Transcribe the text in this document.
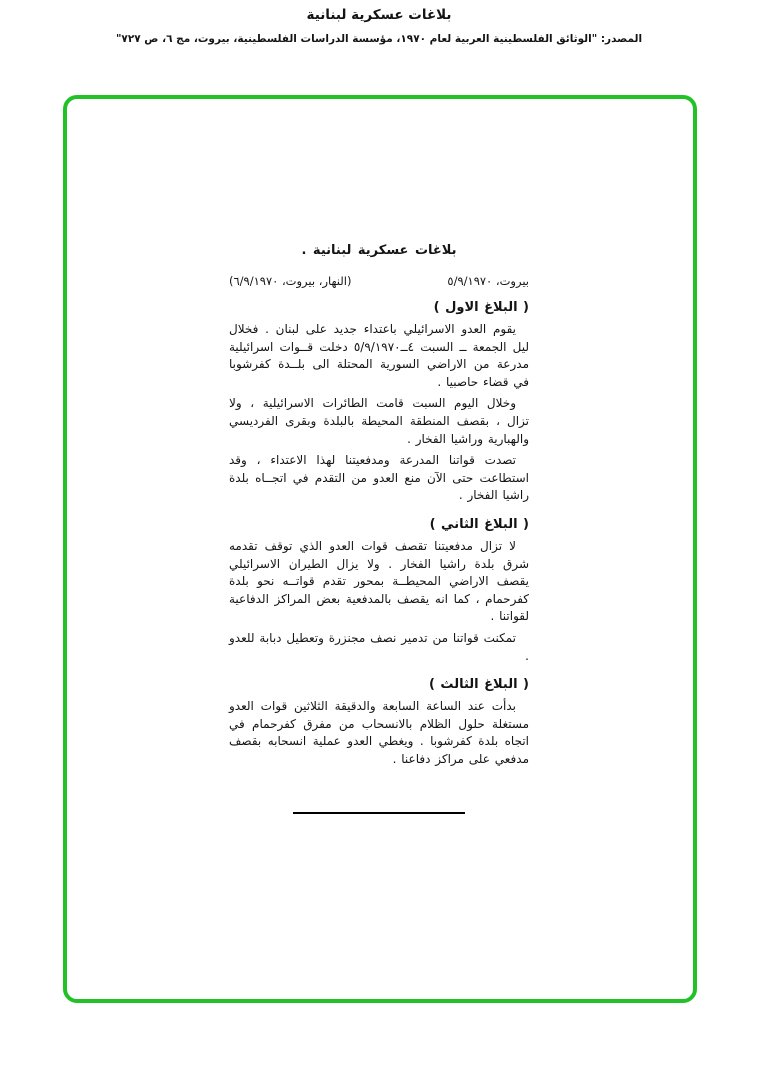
بلاغات عسكرية لبنانية
المصدر: "الوثائق الفلسطينية العربية لعام ١٩٧٠، مؤسسة الدراسات الفلسطينية، بيروت، مج ٦، ص ٧٢٧"
بلاغات عسكرية لبنانية .
بيروت، ٥/٩/١٩٧٠
(النهار، بيروت، ٦/٩/١٩٧٠)
( البلاغ الاول )

يقوم العدو الاسرائيلي باعتداء جديد على لبنان . فخلال ليل الجمعة ــ السبت ٤ــ٥/٩/١٩٧٠ دخلت قــوات اسرائيلية مدرعة من الاراضي السورية المحتلة الى بلــدة كفرشوبا في قضاء حاصبيا .

وخلال اليوم السبت قامت الطائرات الاسرائيلية ، ولا تزال ، بقصف المنطقة المحيطة بالبلدة وبقرى الفرديسي والهبارية وراشيا الفخار .

تصدت قواتنا المدرعة ومدفعيتنا لهذا الاعتداء ، وقد استطاعت حتى الآن منع العدو من التقدم في اتجــاه بلدة راشيا الفخار .

( البلاغ الثاني )

لا تزال مدفعيتنا تقصف قوات العدو الذي توقف تقدمه شرق بلدة راشيا الفخار . ولا يزال الطيران الاسرائيلي يقصف الاراضي المحيطــة بمحور تقدم قواتــه نحو بلدة كفرحمام ، كما انه يقصف بالمدفعية بعض المراكز الدفاعية لقواتنا .

تمكنت قواتنا من تدمير نصف مجنزرة وتعطيل دبابة للعدو .

( البلاغ الثالث )

بدأت عند الساعة السابعة والدقيقة الثلاثين قوات العدو مستغلة حلول الظلام بالانسحاب من مفرق كفرحمام في اتجاه بلدة كفرشوبا . ويغطي العدو عملية انسحابه بقصف مدفعي على مراكز دفاعنا .
